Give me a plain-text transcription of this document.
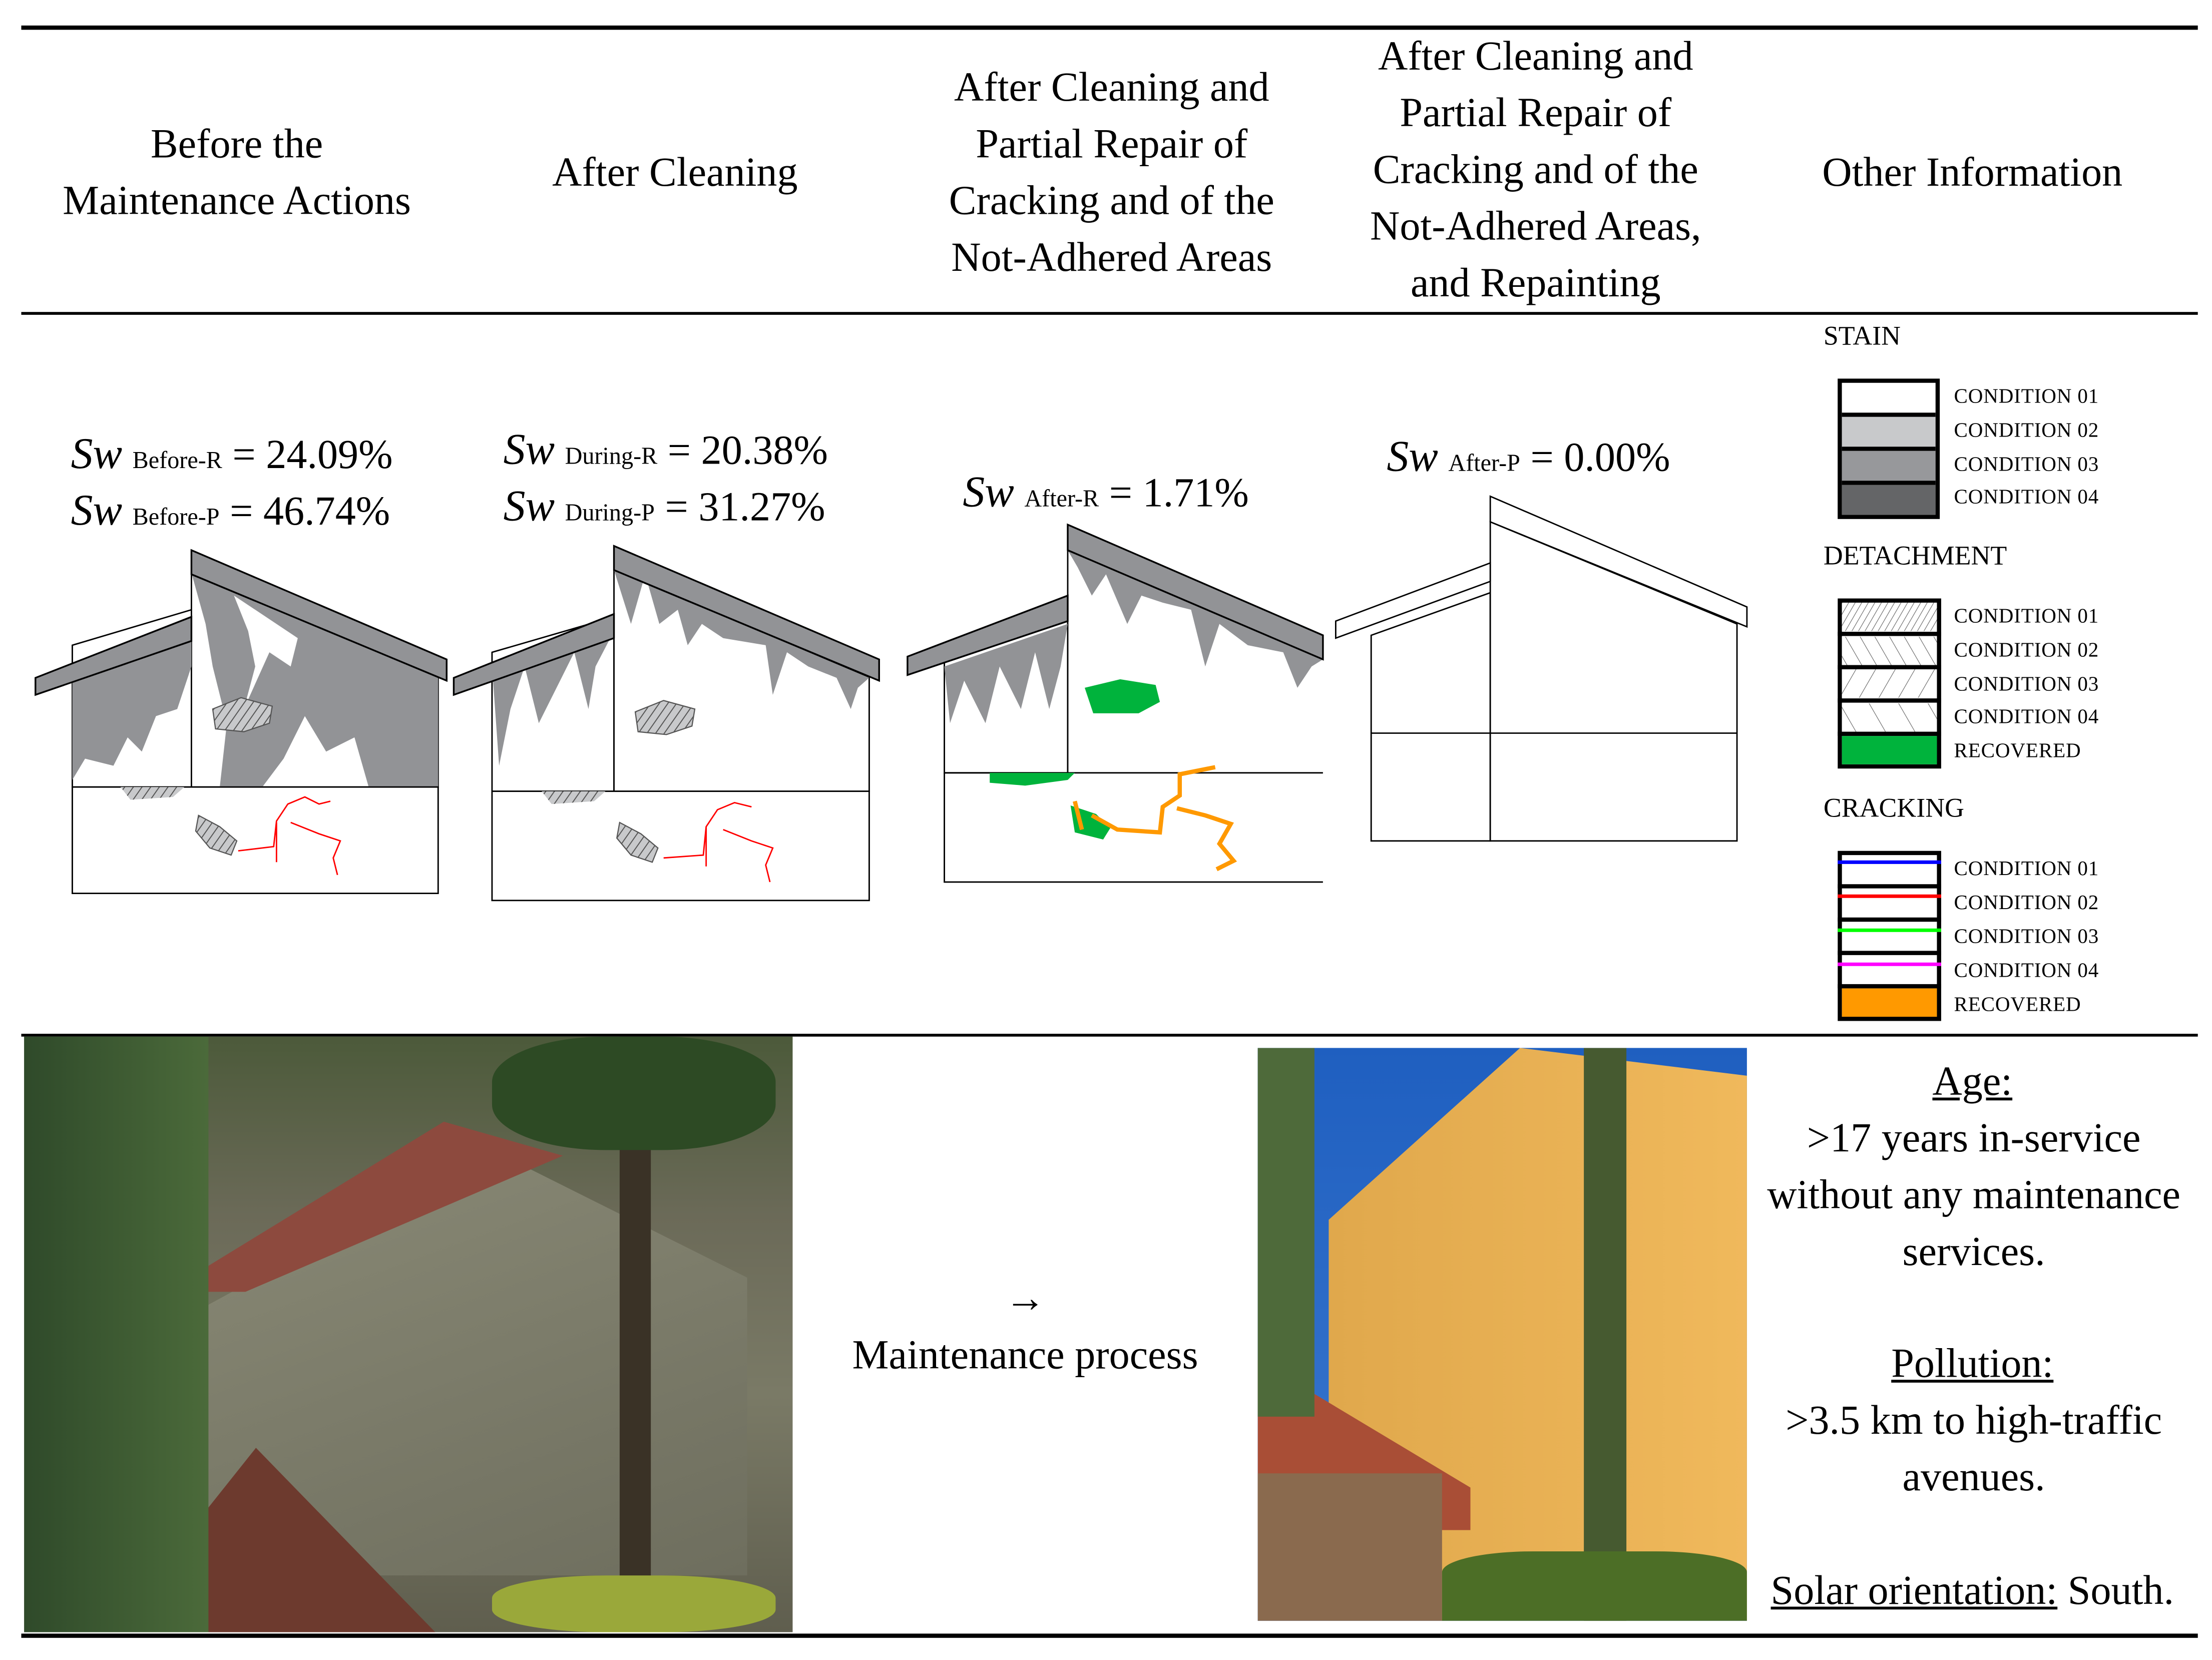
Before the
Maintenance Actions
After Cleaning
After Cleaning and
Partial Repair of
Cracking and of the
Not-Adhered Areas
After Cleaning and
Partial Repair of
Cracking and of the
Not-Adhered Areas,
and Repainting
Other Information
Sw Before-R = 24.09%
Sw Before-P = 46.74%
Sw During-R = 20.38%
Sw During-P = 31.27%	Sw After-R = 1.71%
Sw After-P = 0.00%
STAIN
CONDITION 01
CONDITION 02
CONDITION 03
CONDITION 04
DETACHMENT
CONDITION 01
CONDITION 02
CONDITION 03
CONDITION 04
RECOVERED
CRACKING
CONDITION 01
CONDITION 02
CONDITION 03
CONDITION 04
RECOVERED
→
Maintenance process
Age:
>17 years in-service without any maintenance services.
Pollution:
>3.5 km to high-traffic avenues.
Solar orientation: South.
